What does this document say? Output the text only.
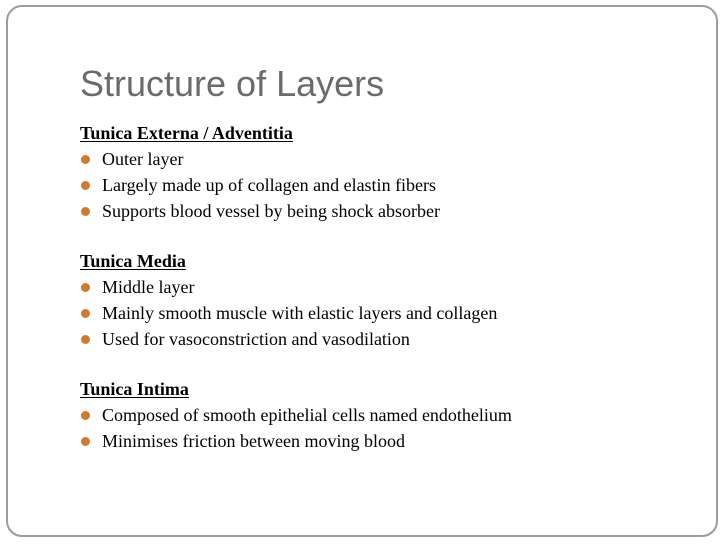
Structure of Layers
Tunica Externa / Adventitia
Outer layer
Largely made up of collagen and elastin fibers
Supports blood vessel by being shock absorber
Tunica Media
Middle layer
Mainly smooth muscle with elastic layers and collagen
Used for vasoconstriction and vasodilation
Tunica Intima
Composed of smooth epithelial cells named endothelium
Minimises friction between moving blood
